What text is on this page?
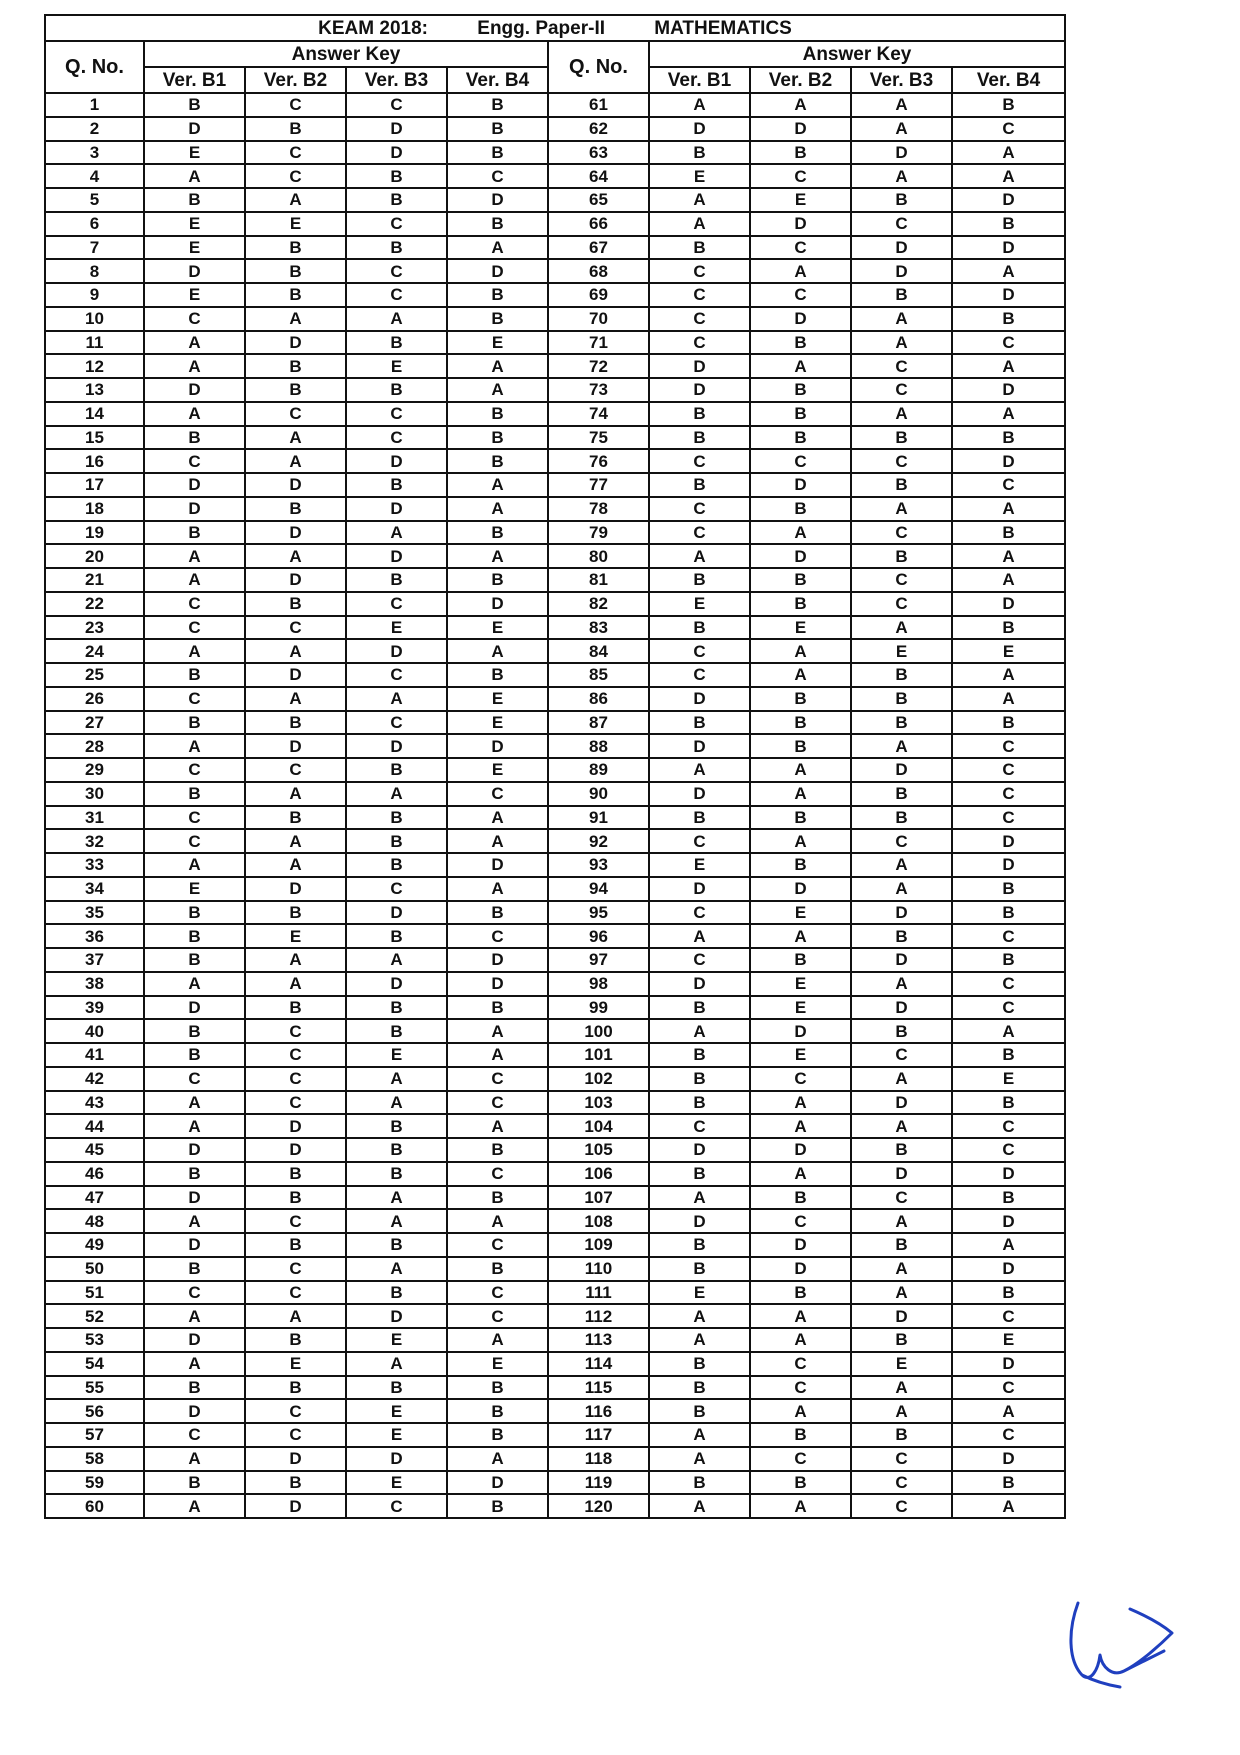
KEAM 2018: Engg. Paper-II MATHEMATICS									
Q. No.	Answer Key				Q. No.	Answer Key			
	Ver. B1	Ver. B2	Ver. B3	Ver. B4		Ver. B1	Ver. B2	Ver. B3	Ver. B4
1	B	C	C	B	61	A	A	A	B
2	D	B	D	B	62	D	D	A	C
3	E	C	D	B	63	B	B	D	A
4	A	C	B	C	64	E	C	A	A
5	B	A	B	D	65	A	E	B	D
6	E	E	C	B	66	A	D	C	B
7	E	B	B	A	67	B	C	D	D
8	D	B	C	D	68	C	A	D	A
9	E	B	C	B	69	C	C	B	D
10	C	A	A	B	70	C	D	A	B
11	A	D	B	E	71	C	B	A	C
12	A	B	E	A	72	D	A	C	A
13	D	B	B	A	73	D	B	C	D
14	A	C	C	B	74	B	B	A	A
15	B	A	C	B	75	B	B	B	B
16	C	A	D	B	76	C	C	C	D
17	D	D	B	A	77	B	D	B	C
18	D	B	D	A	78	C	B	A	A
19	B	D	A	B	79	C	A	C	B
20	A	A	D	A	80	A	D	B	A
21	A	D	B	B	81	B	B	C	A
22	C	B	C	D	82	E	B	C	D
23	C	C	E	E	83	B	E	A	B
24	A	A	D	A	84	C	A	E	E
25	B	D	C	B	85	C	A	B	A
26	C	A	A	E	86	D	B	B	A
27	B	B	C	E	87	B	B	B	B
28	A	D	D	D	88	D	B	A	C
29	C	C	B	E	89	A	A	D	C
30	B	A	A	C	90	D	A	B	C
31	C	B	B	A	91	B	B	B	C
32	C	A	B	A	92	C	A	C	D
33	A	A	B	D	93	E	B	A	D
34	E	D	C	A	94	D	D	A	B
35	B	B	D	B	95	C	E	D	B
36	B	E	B	C	96	A	A	B	C
37	B	A	A	D	97	C	B	D	B
38	A	A	D	D	98	D	E	A	C
39	D	B	B	B	99	B	E	D	C
40	B	C	B	A	100	A	D	B	A
41	B	C	E	A	101	B	E	C	B
42	C	C	A	C	102	B	C	A	E
43	A	C	A	C	103	B	A	D	B
44	A	D	B	A	104	C	A	A	C
45	D	D	B	B	105	D	D	B	C
46	B	B	B	C	106	B	A	D	D
47	D	B	A	B	107	A	B	C	B
48	A	C	A	A	108	D	C	A	D
49	D	B	B	C	109	B	D	B	A
50	B	C	A	B	110	B	D	A	D
51	C	C	B	C	111	E	B	A	B
52	A	A	D	C	112	A	A	D	C
53	D	B	E	A	113	A	A	B	E
54	A	E	A	E	114	B	C	E	D
55	B	B	B	B	115	B	C	A	C
56	D	C	E	B	116	B	A	A	A
57	C	C	E	B	117	A	B	B	C
58	A	D	D	A	118	A	C	C	D
59	B	B	E	D	119	B	B	C	B
60	A	D	C	B	120	A	A	C	A
